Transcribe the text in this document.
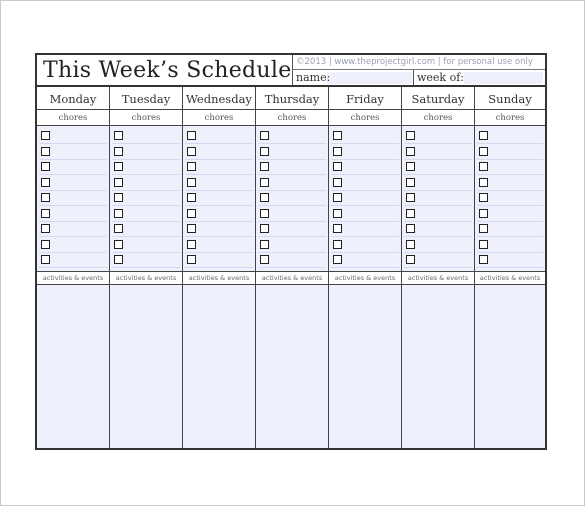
This Week’s Schedule ©2013 | www.theprojectgirl.com | for personal use only
name:	week of:
Monday
chores
activities & events
Tuesday
chores
activities & events
Wednesday
chores
activities & events
Thursday
chores
activities & events
Friday
chores
activities & events
Saturday
chores
activities & events
Sunday
chores
activities & events
